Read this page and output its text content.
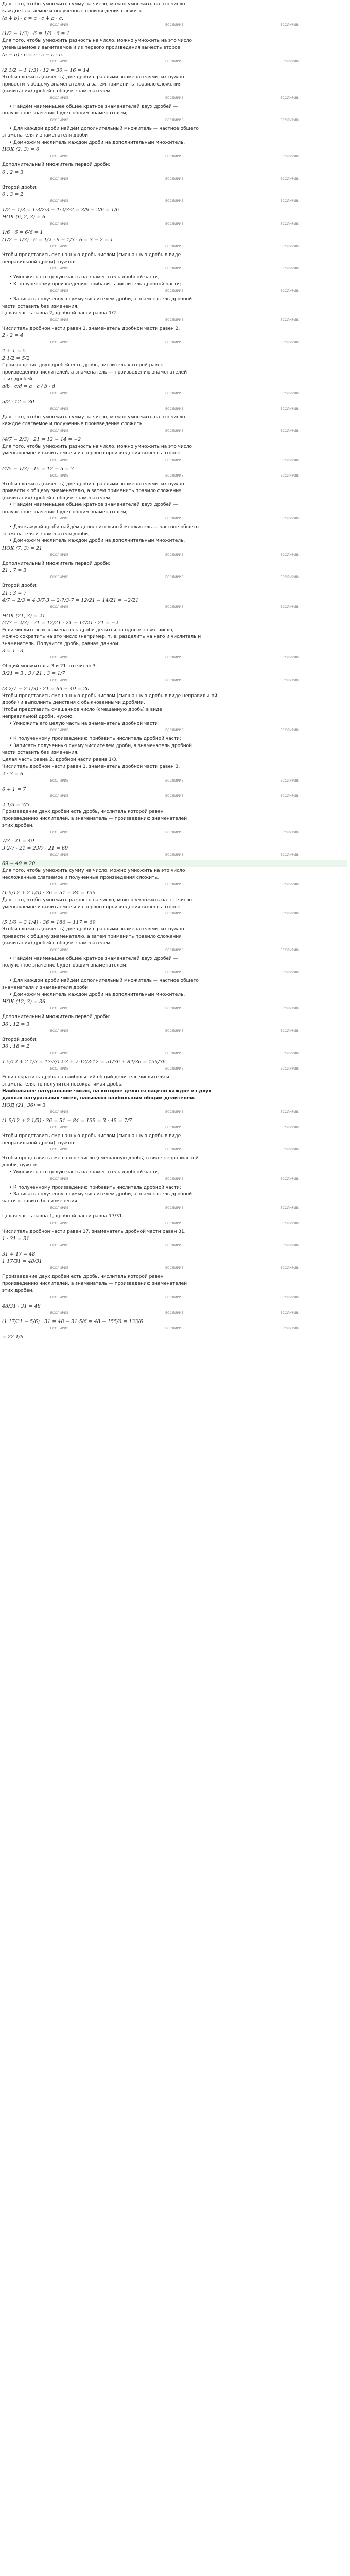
Для того, чтобы умножить сумму на число, можно умножить на это число
каждое слагаемое и полученные произведения сложить.
(a + b) · c = a · c + b · c.
ЕССЛИРИВ	ЕССЛИРИВ	ЕССЛИРИВ
(1/2 − 1/3) · 6 = 1/6 · 6 = 1
Для того, чтобы умножить разность на число, можно умножить на это число
уменьшаемое и вычитаемое и из первого произведения вычесть второе.
(a − b) · c = a · c − b · c.
ЕССЛИРИВ	ЕССЛИРИВ	ЕССЛИРИВ
(2 1/2 − 1 1/3) · 12 = 30 − 16 = 14
Чтобы сложить (вычесть) две дроби с разными знаменателями, их нужно
привести к общему знаменателю, а затем применить правило сложения
(вычитания) дробей с общим знаменателем.
ЕССЛИРИВ	ЕССЛИРИВ	ЕССЛИРИВ
• Найдём наименьшее общее кратное знаменателей двух дробей —
полученное значение будет общим знаменателем;
ЕССЛИРИВ	ЕССЛИРИВ	ЕССЛИРИВ
• Для каждой дроби найдём дополнительный множитель — частное общего
знаменателя и знаменателя дроби;
• Домножим числитель каждой дроби на дополнительный множитель.
НОК (2, 3) = 6
ЕССЛИРИВ	ЕССЛИРИВ	ЕССЛИРИВ
Дополнительный множитель первой дроби:
6 : 2 = 3
ЕССЛИРИВ	ЕССЛИРИВ	ЕССЛИРИВ
Второй дроби:
6 : 3 = 2
ЕССЛИРИВ	ЕССЛИРИВ	ЕССЛИРИВ
1/2 − 1/3 = 1·3/2·3 − 1·2/3·2 = 3/6 − 2/6 = 1/6
НОК (6, 2, 3) = 6
ЕССЛИРИВ	ЕССЛИРИВ	ЕССЛИРИВ
1/6 · 6 = 6/6 = 1
(1/2 − 1/3) · 6 = 1/2 · 6 − 1/3 · 6 = 3 − 2 = 1
ЕССЛИРИВ	ЕССЛИРИВ	ЕССЛИРИВ
Чтобы представить смешанную дробь числом (смешанную дробь в виде
неправильной дроби), нужно:
ЕССЛИРИВ	ЕССЛИРИВ	ЕССЛИРИВ
• Умножить его целую часть на знаменатель дробной части;
• К полученному произведению прибавить числитель дробной части;
ЕССЛИРИВ	ЕССЛИРИВ	ЕССЛИРИВ
• Записать полученную сумму числителем дроби, а знаменатель дробной
части оставить без изменения.
Целая часть равна 2, дробной части равна 1/2.
ЕССЛИРИВ	ЕССЛИРИВ	ЕССЛИРИВ
Числитель дробной части равен 1, знаменатель дробной части равен 2.
2 · 2 = 4
ЕССЛИРИВ	ЕССЛИРИВ	ЕССЛИРИВ
4 + 1 = 5
2 1/2 = 5/2
Произведение двух дробей есть дробь, числитель которой равен
произведению числителей, а знаменатель — произведению знаменателей
этих дробей.
a/b · c/d = a · c / b · d
ЕССЛИРИВ	ЕССЛИРИВ	ЕССЛИРИВ
5/2 · 12 = 30
ЕССЛИРИВ	ЕССЛИРИВ	ЕССЛИРИВ
Для того, чтобы умножить сумму на число, можно умножить на это число
каждое слагаемое и полученные произведения сложить.
ЕССЛИРИВ	ЕССЛИРИВ	ЕССЛИРИВ
(4/7 − 2/3) · 21 = 12 − 14 = −2
Для того, чтобы умножить разность на число, можно умножить на это число
уменьшаемое и вычитаемое и из первого произведения вычесть второе.
ЕССЛИРИВ	ЕССЛИРИВ	ЕССЛИРИВ
(4/5 − 1/3) · 15 = 12 − 5 = 7
ЕССЛИРИВ	ЕССЛИРИВ	ЕССЛИРИВ
Чтобы сложить (вычесть) две дроби с разными знаменателями, их нужно
привести к общему знаменателю, а затем применить правило сложения
(вычитания) дробей с общим знаменателем.
• Найдём наименьшее общее кратное знаменателей двух дробей —
полученное значение будет общим знаменателем;
ЕССЛИРИВ	ЕССЛИРИВ	ЕССЛИРИВ
• Для каждой дроби найдём дополнительный множитель — частное общего
знаменателя и знаменателя дроби;
• Домножим числитель каждой дроби на дополнительный множитель.
НОК (7, 3) = 21
ЕССЛИРИВ	ЕССЛИРИВ	ЕССЛИРИВ
Дополнительный множитель первой дроби:
21 : 7 = 3
ЕССЛИРИВ	ЕССЛИРИВ	ЕССЛИРИВ
Второй дроби:
21 : 3 = 7
4/7 − 2/3 = 4·3/7·3 − 2·7/3·7 = 12/21 − 14/21 = −2/21
ЕССЛИРИВ	ЕССЛИРИВ	ЕССЛИРИВ
НОК (21, 3) = 21
(4/7 − 2/3) · 21 = 12/21 · 21 − 14/21 · 21 = −2
Если числитель и знаменатель дроби делится на одно и то же число,
можно сократить на это число (например, т. е. разделить на него и числитель и
знаменатель. Получится дробь, равная данной.
3 = 1 · 3,
ЕССЛИРИВ	ЕССЛИРИВ	ЕССЛИРИВ
Общий множитель: 3 и 21 это число 3.
3/21 = 3 : 3 / 21 : 3 = 1/7
ЕССЛИРИВ	ЕССЛИРИВ	ЕССЛИРИВ
(3 2/7 − 2 1/3) · 21 = 69 − 49 = 20
Чтобы представить смешанную дробь числом (смешанную дробь в виде неправильной
дроби) и выполнить действия с обыкновенными дробями.
Чтобы представить смешанное число (смешанную дробь) в виде
неправильной дроби, нужно:
• Умножить его целую часть на знаменатель дробной части;
ЕССЛИРИВ	ЕССЛИРИВ	ЕССЛИРИВ
• К полученному произведению прибавить числитель дробной части;
• Записать полученную сумму числителем дроби, а знаменатель дробной
части оставить без изменения.
Целая часть равна 2, дробной части равна 1/3.
Числитель дробной части равен 1, знаменатель дробной части равен 3.
2 · 3 = 6
ЕССЛИРИВ	ЕССЛИРИВ	ЕССЛИРИВ
6 + 1 = 7
ЕССЛИРИВ	ЕССЛИРИВ	ЕССЛИРИВ
2 1/3 = 7/3
Произведение двух дробей есть дробь, числитель которой равен
произведению числителей, а знаменатель — произведению знаменателей
этих дробей.
ЕССЛИРИВ	ЕССЛИРИВ	ЕССЛИРИВ
7/3 · 21 = 49
3 2/7 · 21 = 23/7 · 21 = 69
ЕССЛИРИВ	ЕССЛИРИВ	ЕССЛИРИВ
69 − 49 = 20
Для того, чтобы умножить сумму на число, можно умножить на это число
несложенные слагаемое и полученные произведения сложить.
ЕССЛИРИВ	ЕССЛИРИВ	ЕССЛИРИВ
(1 5/12 + 2 1/3) · 36 = 51 + 84 = 135
Для того, чтобы умножить разность на число, можно умножить на это число
уменьшаемое и вычитаемое и из первого произведения вычесть второе.
ЕССЛИРИВ	ЕССЛИРИВ	ЕССЛИРИВ
(5 1/6 − 3 1/4) · 36 = 186 − 117 = 69
Чтобы сложить (вычесть) две дроби с разными знаменателями, их нужно
привести к общему знаменателю, а затем применить правило сложения
(вычитания) дробей с общим знаменателем.
ЕССЛИРИВ	ЕССЛИРИВ	ЕССЛИРИВ
• Найдём наименьшее общее кратное знаменателей двух дробей —
полученное значение будет общим знаменателем;
ЕССЛИРИВ	ЕССЛИРИВ	ЕССЛИРИВ
• Для каждой дроби найдём дополнительный множитель — частное общего
знаменателя и знаменателя дроби;
• Домножим числитель каждой дроби на дополнительный множитель.
НОК (12, 3) = 36
ЕССЛИРИВ	ЕССЛИРИВ	ЕССЛИРИВ
Дополнительный множитель первой дроби:
36 : 12 = 3
ЕССЛИРИВ	ЕССЛИРИВ	ЕССЛИРИВ
Второй дроби:
36 : 18 = 2
ЕССЛИРИВ	ЕССЛИРИВ	ЕССЛИРИВ
1 5/12 + 2 1/3 = 17·3/12·3 + 7·12/3·12 = 51/36 + 84/36 = 135/36
ЕССЛИРИВ	ЕССЛИРИВ	ЕССЛИРИВ
Если сократить дробь на наибольший общий делитель числителя и
знаменателя, то получится несократимая дробь.
Наибольшее натуральное число, на которое делятся нацело каждое из двух
данных натуральных чисел, называют наибольшим общим делителем.
НОД (21, 36) = 3
ЕССЛИРИВ	ЕССЛИРИВ	ЕССЛИРИВ
(1 5/12 + 2 1/3) · 36 = 51 − 84 = 135 = 3 · 45 = 7/7
ЕССЛИРИВ	ЕССЛИРИВ	ЕССЛИРИВ
Чтобы представить смешанную дробь числом (смешанную дробь в виде
неправильной дроби), нужно:
ЕССЛИРИВ	ЕССЛИРИВ	ЕССЛИРИВ
Чтобы представить смешанное число (смешанную дробь) в виде неправильной
дроби, нужно:
• Умножить его целую часть на знаменатель дробной части;
ЕССЛИРИВ	ЕССЛИРИВ	ЕССЛИРИВ
• К полученному произведению прибавить числитель дробной части;
• Записать полученную сумму числителем дроби, а знаменатель дробной
части оставить без изменения.
ЕССЛИРИВ	ЕССЛИРИВ	ЕССЛИРИВ
Целая часть равна 1, дробной части равна 17/31.
ЕССЛИРИВ	ЕССЛИРИВ	ЕССЛИРИВ
Числитель дробной части равен 17, знаменатель дробной части равен 31.
1 · 31 = 31
ЕССЛИРИВ	ЕССЛИРИВ	ЕССЛИРИВ
31 + 17 = 48
1 17/31 = 48/31
ЕССЛИРИВ	ЕССЛИРИВ	ЕССЛИРИВ
Произведение двух дробей есть дробь, числитель которой равен
произведению числителей, а знаменатель — произведению знаменателей
этих дробей.
ЕССЛИРИВ	ЕССЛИРИВ	ЕССЛИРИВ
48/31 · 31 = 48
ЕССЛИРИВ	ЕССЛИРИВ	ЕССЛИРИВ
(1 17/31 − 5/6) · 31 = 48 − 31·5/6 = 48 − 155/6 = 133/6
ЕССЛИРИВ	ЕССЛИРИВ	ЕССЛИРИВ
= 22 1/6
